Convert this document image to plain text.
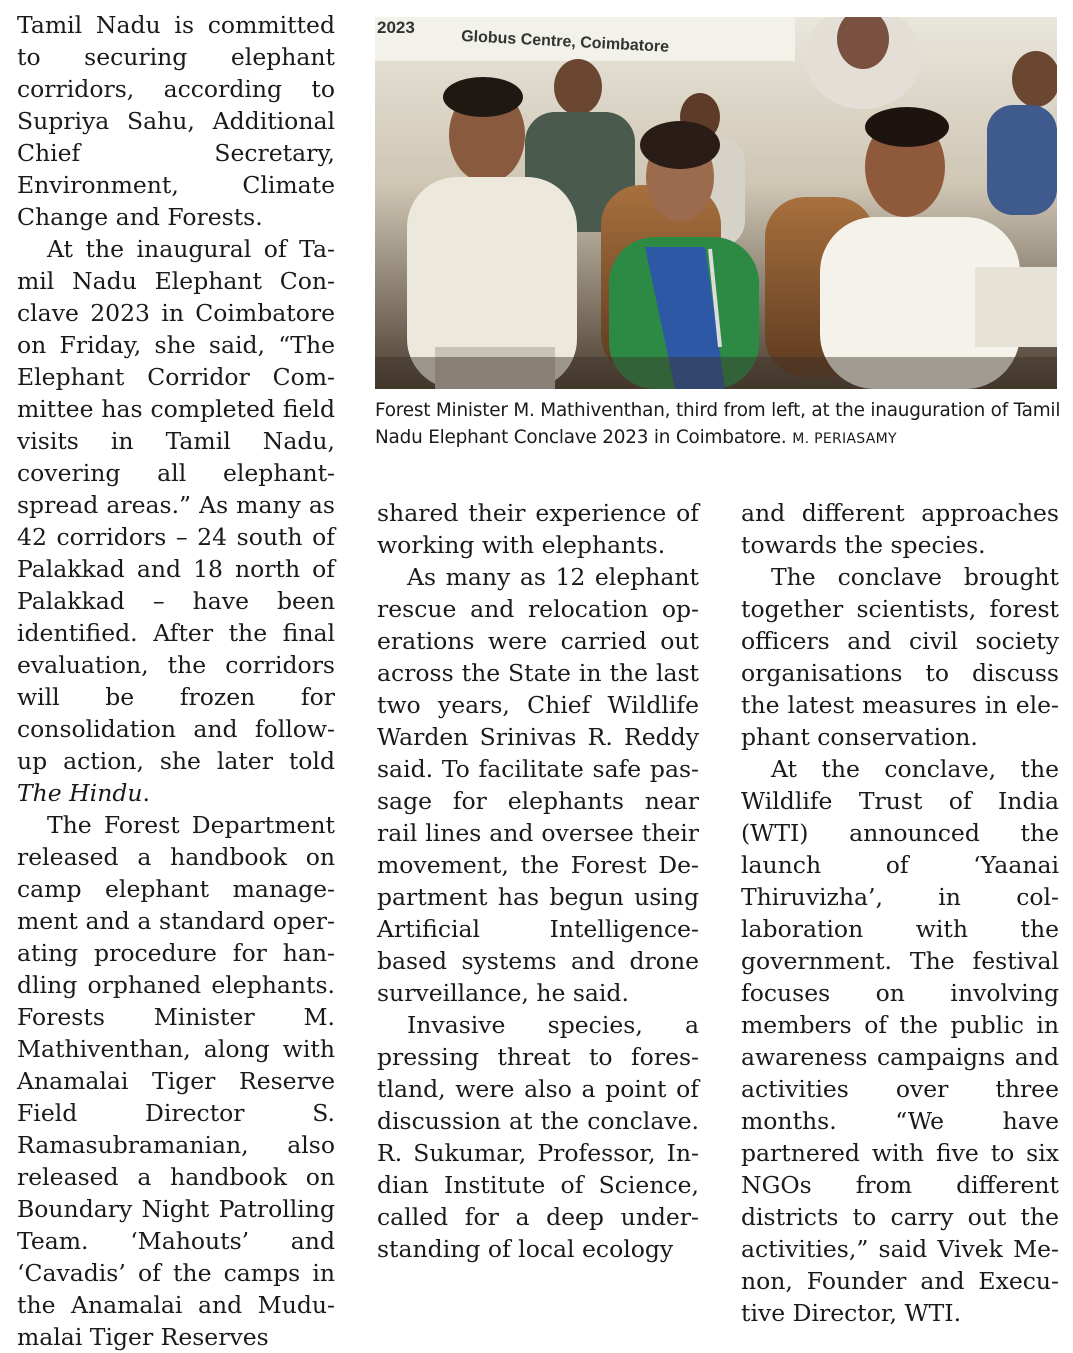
Tamil Nadu is committed to securing elephant corridors, according to Supriya Sahu, Additional Chief Secretary, Environment, Climate Change and Forests.

At the inaugural of Tamil Nadu Elephant Conclave 2023 in Coimbatore on Friday, she said, “The Elephant Corridor Committee has completed field visits in Tamil Nadu, covering all elephant-spread areas.” As many as 42 corridors – 24 south of Palakkad and 18 north of Palakkad – have been identified. After the final evaluation, the corridors will be frozen for consolidation and follow-up action, she later told The Hindu.

The Forest Department released a handbook on camp elephant management and a standard operating procedure for handling orphaned elephants. Forests Minister M. Mathiventhan, along with Anamalai Tiger Reserve Field Director S. Ramasubramanian, also released a handbook on Boundary Night Patrolling Team. ‘Mahouts’ and ‘Cavadis’ of the camps in the Anamalai and Mudumalai Tiger Reserves

2023
Globus Centre, Coimbatore
Forest Minister M. Mathiventhan, third from left, at the inauguration of Tamil Nadu Elephant Conclave 2023 in Coimbatore. M. PERIASAMY

shared their experience of working with elephants.

As many as 12 elephant rescue and relocation operations were carried out across the State in the last two years, Chief Wildlife Warden Srinivas R. Reddy said. To facilitate safe passage for elephants near rail lines and oversee their movement, the Forest Department has begun using Artificial Intelligence-based systems and drone surveillance, he said.

Invasive species, a pressing threat to forestland, were also a point of discussion at the conclave. R. Sukumar, Professor, Indian Institute of Science, called for a deep understanding of local ecology

and different approaches towards the species.

The conclave brought together scientists, forest officers and civil society organisations to discuss the latest measures in elephant conservation.

At the conclave, the Wildlife Trust of India (WTI) announced the launch of ‘Yaanai Thiruvizha’, in collaboration with the government. The festival focuses on involving members of the public in awareness campaigns and activities over three months. “We have partnered with five to six NGOs from different districts to carry out the activities,” said Vivek Menon, Founder and Executive Director, WTI.
